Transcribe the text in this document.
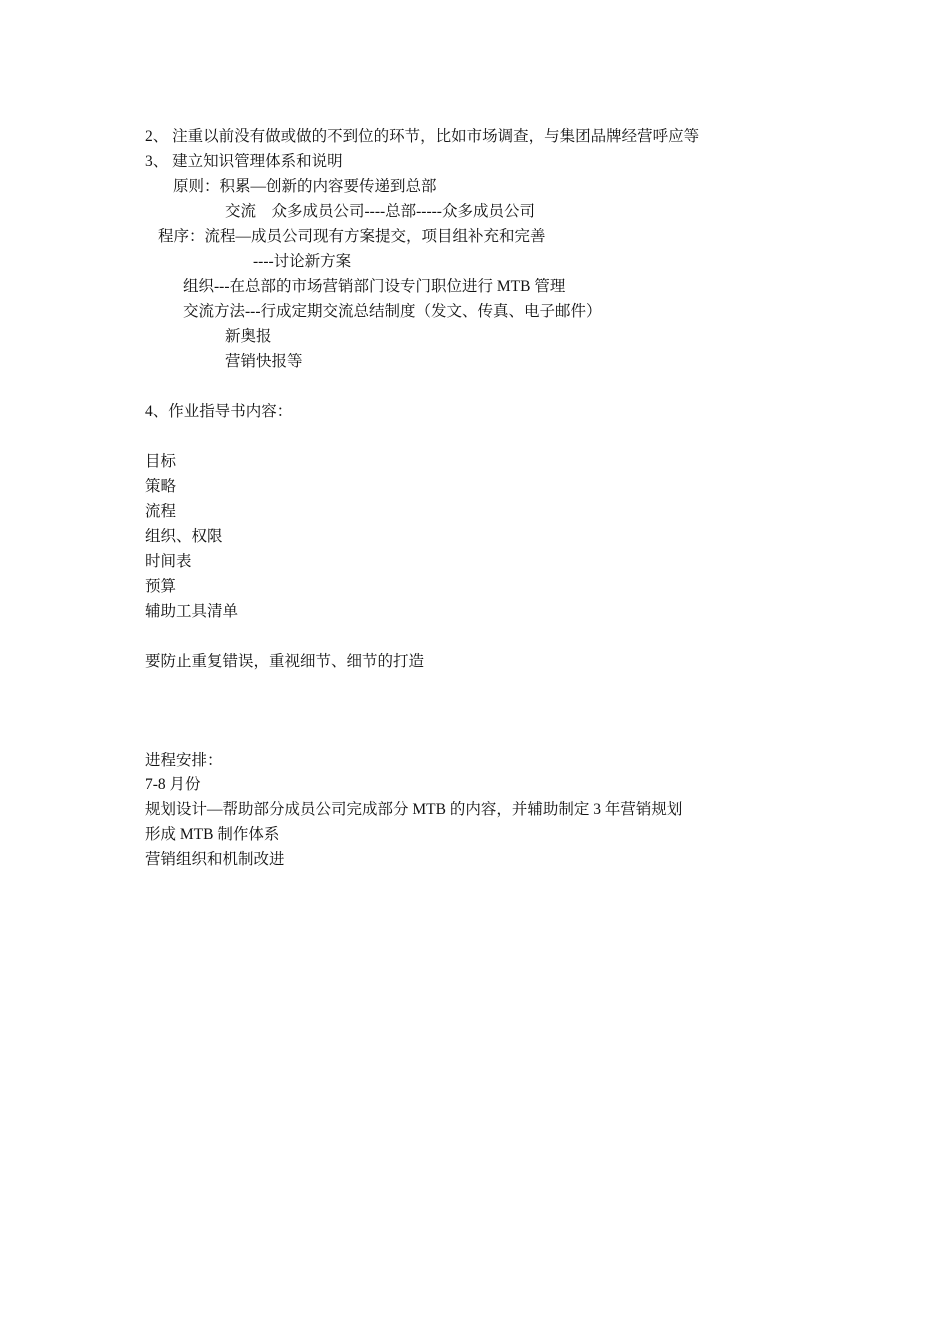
2、 注重以前没有做或做的不到位的环节，比如市场调查，与集团品牌经营呼应等
3、 建立知识管理体系和说明
原则：积累—创新的内容要传递到总部
交流    众多成员公司----总部-----众多成员公司
程序：流程—成员公司现有方案提交，项目组补充和完善
----讨论新方案
组织---在总部的市场营销部门设专门职位进行 MTB 管理
交流方法---行成定期交流总结制度（发文、传真、电子邮件）
新奥报
营销快报等
4、作业指导书内容：
目标
策略
流程
组织、权限
时间表
预算
辅助工具清单
要防止重复错误，重视细节、细节的打造
进程安排：
7-8 月份
规划设计—帮助部分成员公司完成部分 MTB 的内容，并辅助制定 3 年营销规划
形成 MTB 制作体系
营销组织和机制改进
